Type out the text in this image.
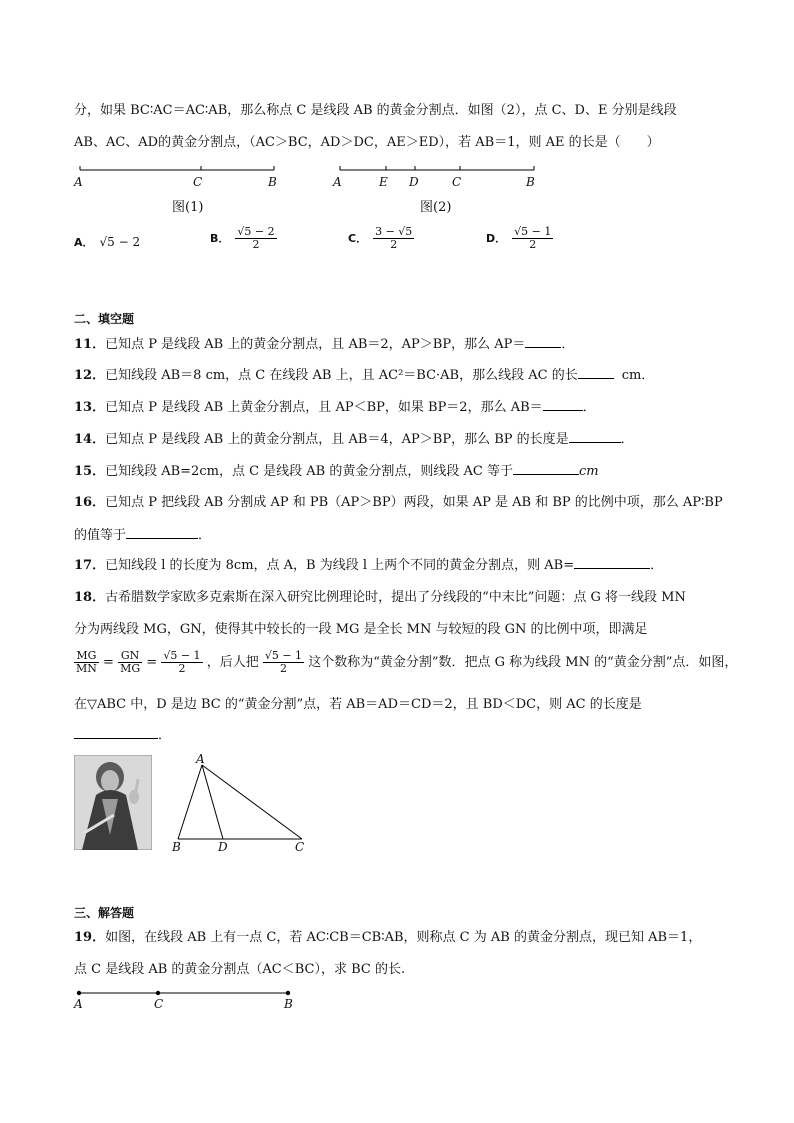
分，如果 BC∶AC＝AC∶AB，那么称点 C 是线段 AB 的黄金分割点．如图（2），点 C、D、E 分别是线段
AB、AC、AD的黄金分割点，（AC＞BC，AD＞DC，AE＞ED），若 AB＝1，则 AE 的长是（　　）
A	C	B
图(1)
A	E D	C	B
图(2)
A． √5 − 2	B． $\frac{√5 - 2}{2}$	C． $\frac{3 - √5}{2}$	D． $\frac{√5 - 1}{2}$
二、填空题
11．已知点 P 是线段 AB 上的黄金分割点，且 AB＝2，AP＞BP，那么 AP＝	．
12．已知线段 AB＝8 cm，点 C 在线段 AB 上，且 AC²＝BC·AB，那么线段 AC 的长	cm．
13．已知点 P 是线段 AB 上黄金分割点，且 AP＜BP，如果 BP＝2，那么 AB＝	．
14．已知点 P 是线段 AB 上的黄金分割点，且 AB＝4，AP＞BP，那么 BP 的长度是	．
15．已知线段 AB=2cm，点 C 是线段 AB 的黄金分割点，则线段 AC 等于	cm
16．已知点 P 把线段 AB 分割成 AP 和 PB（AP＞BP）两段，如果 AP 是 AB 和 BP 的比例中项，那么 AP∶BP
的值等于	．
17．已知线段 l 的长度为 8cm，点 A，B 为线段 l 上两个不同的黄金分割点，则 AB=	．
18．古希腊数学家欧多克索斯在深入研究比例理论时，提出了分线段的“中末比”问题：点 G 将一线段 MN
分为两线段 MG，GN，使得其中较长的一段 MG 是全长 MN 与较短的段 GN 的比例中项，即满足
$\frac{MG}{MN} = \frac{GN}{MG} = \frac{√5 - 1}{2}$ ，后人把 $\frac{√5 - 1}{2}$ 这个数称为“黄金分割”数．把点 G 称为线段 MN 的“黄金分割”点．如图，
在▽ABC 中，D 是边 BC 的“黄金分割”点，若 AB＝AD＝CD＝2，且 BD＜DC，则 AC 的长度是
．
A
B	D	C
三、解答题
19．如图，在线段 AB 上有一点 C，若 AC∶CB＝CB∶AB，则称点 C 为 AB 的黄金分割点，现已知 AB＝1，
点 C 是线段 AB 的黄金分割点（AC＜BC），求 BC 的长.
A	C	B
